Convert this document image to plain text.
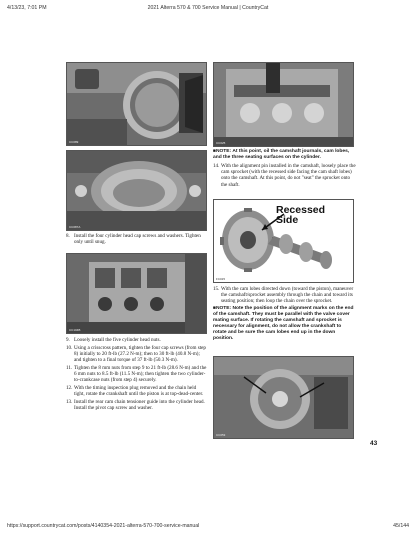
4/13/23, 7:01 PM	2021 Alterra 570 & 700 Service Manual | CountryCat
CC089
CC087A
8. Install the four cylinder head cap screws and washers. Tighten only until snug.
CC104B
9. Loosely install the five cylinder head nuts.
10. Using a crisscross pattern, tighten the four cap screws (from step 8) initially to 20 ft-lb (27.2 N-m); then to 30 ft-lb (40.8 N-m); and tighten to a final torque of 37 ft-lb (50.3 N-m).
11. Tighten the 8 mm nuts from step 9 to 21 ft-lb (28.6 N-m) and the 6 mm nuts to 8.5 ft-lb (11.5 N-m); then tighten the two cylinder-to-crankcase nuts (from step 4) securely.
12. With the timing inspection plug removed and the chain held tight, rotate the crankshaft until the piston is at top-dead-center.
13. Install the rear cam chain tensioner guide into the cylinder head. Install the pivot cap screw and washer.
CC025
■NOTE: At this point, oil the camshaft journals, cam lobes, and the three seating surfaces on the cylinder.
14. With the alignment pin installed in the camshaft, loosely place the cam sprocket (with the recessed side facing the cam shaft lobes) onto the camshaft. At this point, do not "seat" the sprocket onto the shaft.
Recessed
Side
FC015
15. With the cam lobes directed down (toward the piston), maneuver the camshaft/sprocket assembly through the chain and toward its seating position; then loop the chain over the sprocket.
■NOTE: Note the position of the alignment marks on the end of the camshaft. They must be parallel with the valve cover mating surface. If rotating the camshaft and sprocket is necessary for alignment, do not allow the crankshaft to rotate and be sure the cam lobes end up in the down position.
CC053
43
https://support.countrycat.com/posts/4140354-2021-alterra-570-700-service-manual	45/144
